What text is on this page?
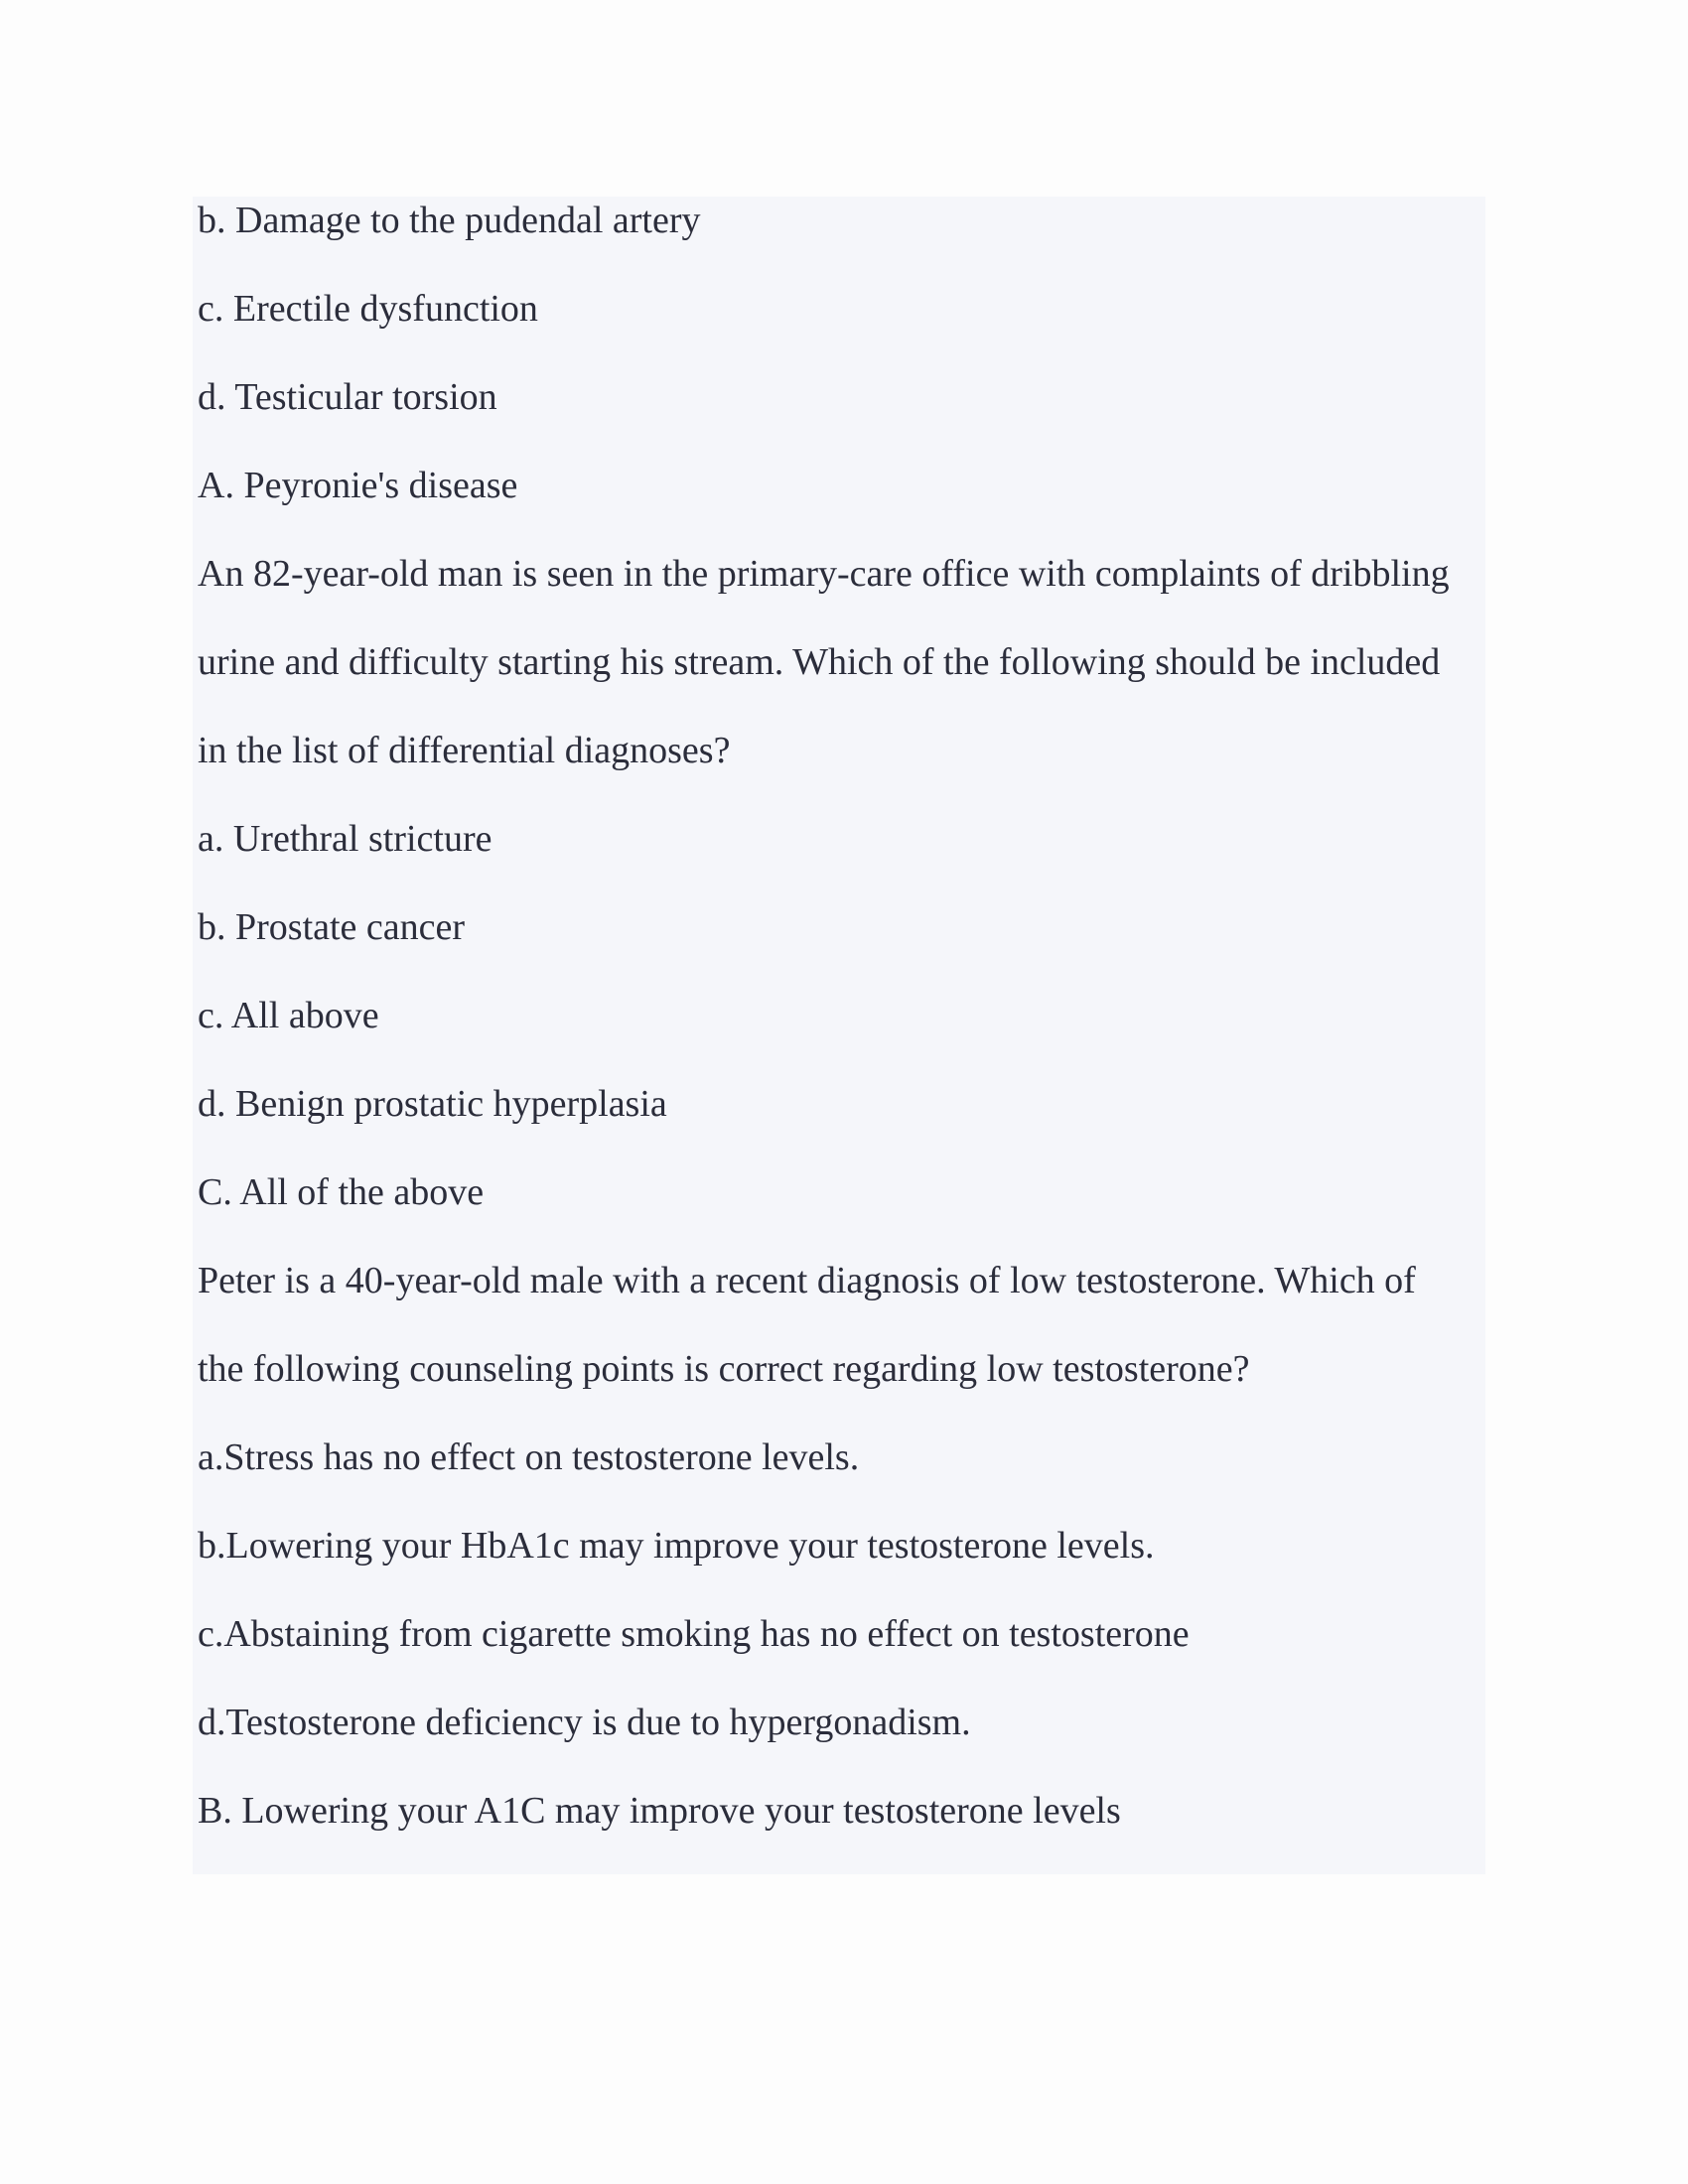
b. Damage to the pudendal artery

c. Erectile dysfunction

d. Testicular torsion

A. Peyronie's disease

An 82-year-old man is seen in the primary-care office with complaints of dribbling

urine and difficulty starting his stream. Which of the following should be included

in the list of differential diagnoses?

a. Urethral stricture

b. Prostate cancer

c. All above

d. Benign prostatic hyperplasia

C. All of the above

Peter is a 40-year-old male with a recent diagnosis of low testosterone. Which of

the following counseling points is correct regarding low testosterone?

a.Stress has no effect on testosterone levels.

b.Lowering your HbA1c may improve your testosterone levels.

c.Abstaining from cigarette smoking has no effect on testosterone

d.Testosterone deficiency is due to hypergonadism.

B. Lowering your A1C may improve your testosterone levels
